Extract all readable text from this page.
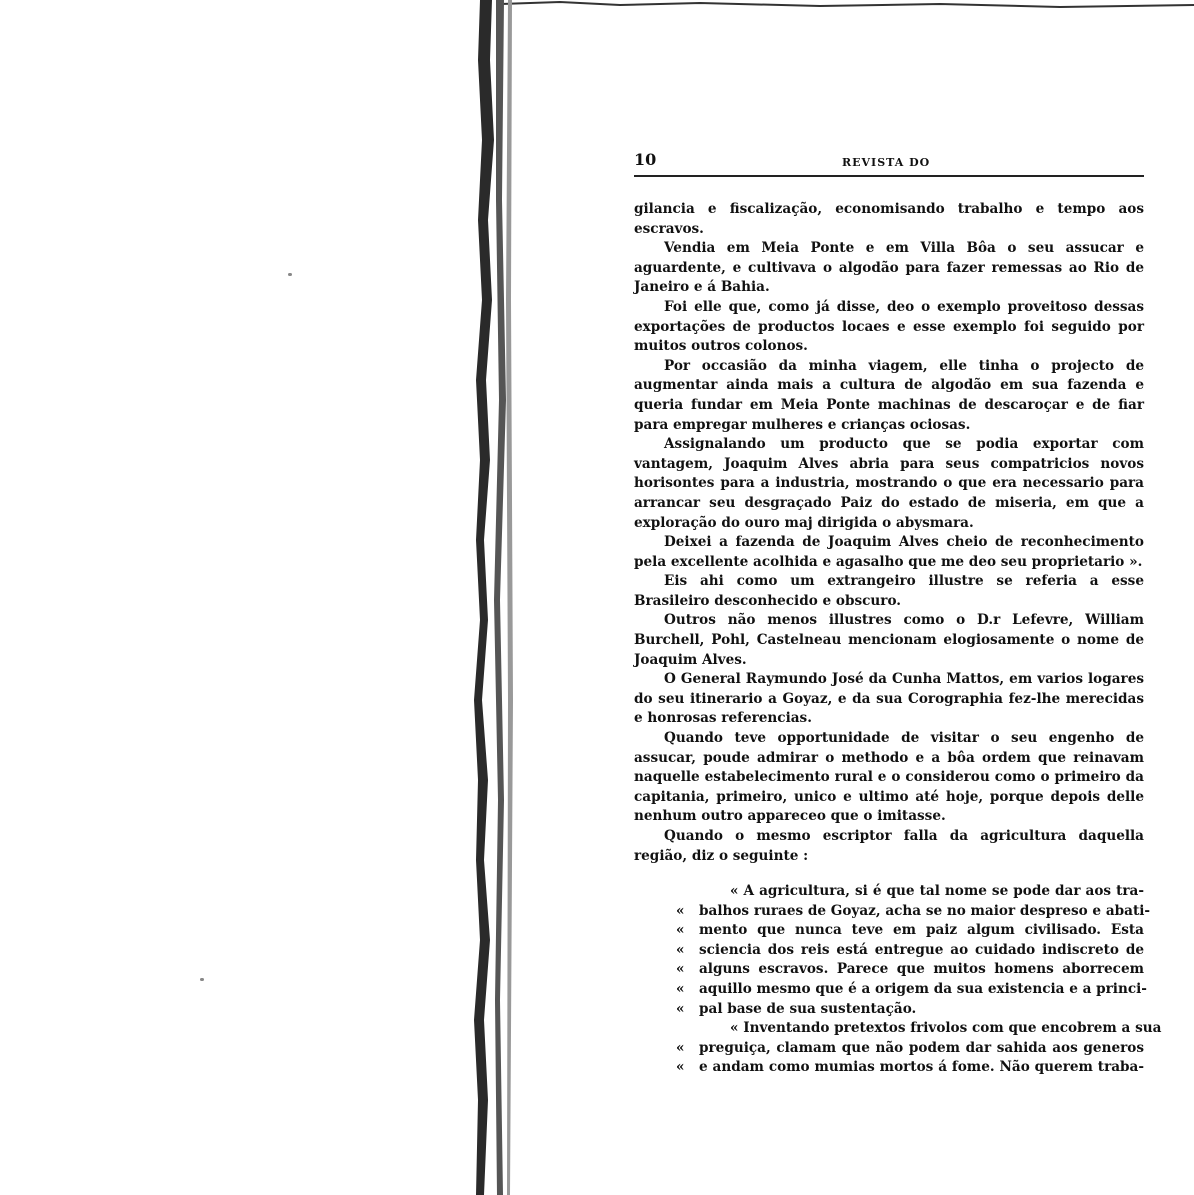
10	REVISTA DO

gilancia e fiscalização, economisando trabalho e tempo aos escravos.

Vendia em Meia Ponte e em Villa Bôa o seu assucar e aguardente, e cultivava o algodão para fazer remessas ao Rio de Janeiro e á Bahia.

Foi elle que, como já disse, deo o exemplo proveitoso dessas exportações de productos locaes e esse exemplo foi seguido por muitos outros colonos.

Por occasião da minha viagem, elle tinha o projecto de augmentar ainda mais a cultura de algodão em sua fazenda e queria fundar em Meia Ponte machinas de descaroçar e de fiar para empregar mulheres e crianças ociosas.

Assignalando um producto que se podia exportar com vantagem, Joaquim Alves abria para seus compatricios novos horisontes para a industria, mostrando o que era necessario para arrancar seu desgraçado Paiz do estado de miseria, em que a exploração do ouro maj dirigida o abysmara.

Deixei a fazenda de Joaquim Alves cheio de reconhecimento pela excellente acolhida e agasalho que me deo seu proprietario ».

Eis ahi como um extrangeiro illustre se referia a esse Brasileiro desconhecido e obscuro.

Outros não menos illustres como o D.r Lefevre, William Burchell, Pohl, Castelneau mencionam elogiosamente o nome de Joaquim Alves.

O General Raymundo José da Cunha Mattos, em varios logares do seu itinerario a Goyaz, e da sua Corographia fez-lhe merecidas e honrosas referencias.

Quando teve opportunidade de visitar o seu engenho de assucar, poude admirar o methodo e a bôa ordem que reinavam naquelle estabelecimento rural e o considerou como o primeiro da capitania, primeiro, unico e ultimo até hoje, porque depois delle nenhum outro appareceo que o imitasse.

Quando o mesmo escriptor falla da agricultura daquella região, diz o seguinte :

« A agricultura, si é que tal nome se pode dar aos tra-
« balhos ruraes de Goyaz, acha se no maior despreso e abati-
« mento que nunca teve em paiz algum civilisado. Esta
« sciencia dos reis está entregue ao cuidado indiscreto de
« alguns escravos. Parece que muitos homens aborrecem
« aquillo mesmo que é a origem da sua existencia e a princi-
« pal base de sua sustentação.
« Inventando pretextos frivolos com que encobrem a sua
« preguiça, clamam que não podem dar sahida aos generos
« e andam como mumias mortos á fome. Não querem traba-
